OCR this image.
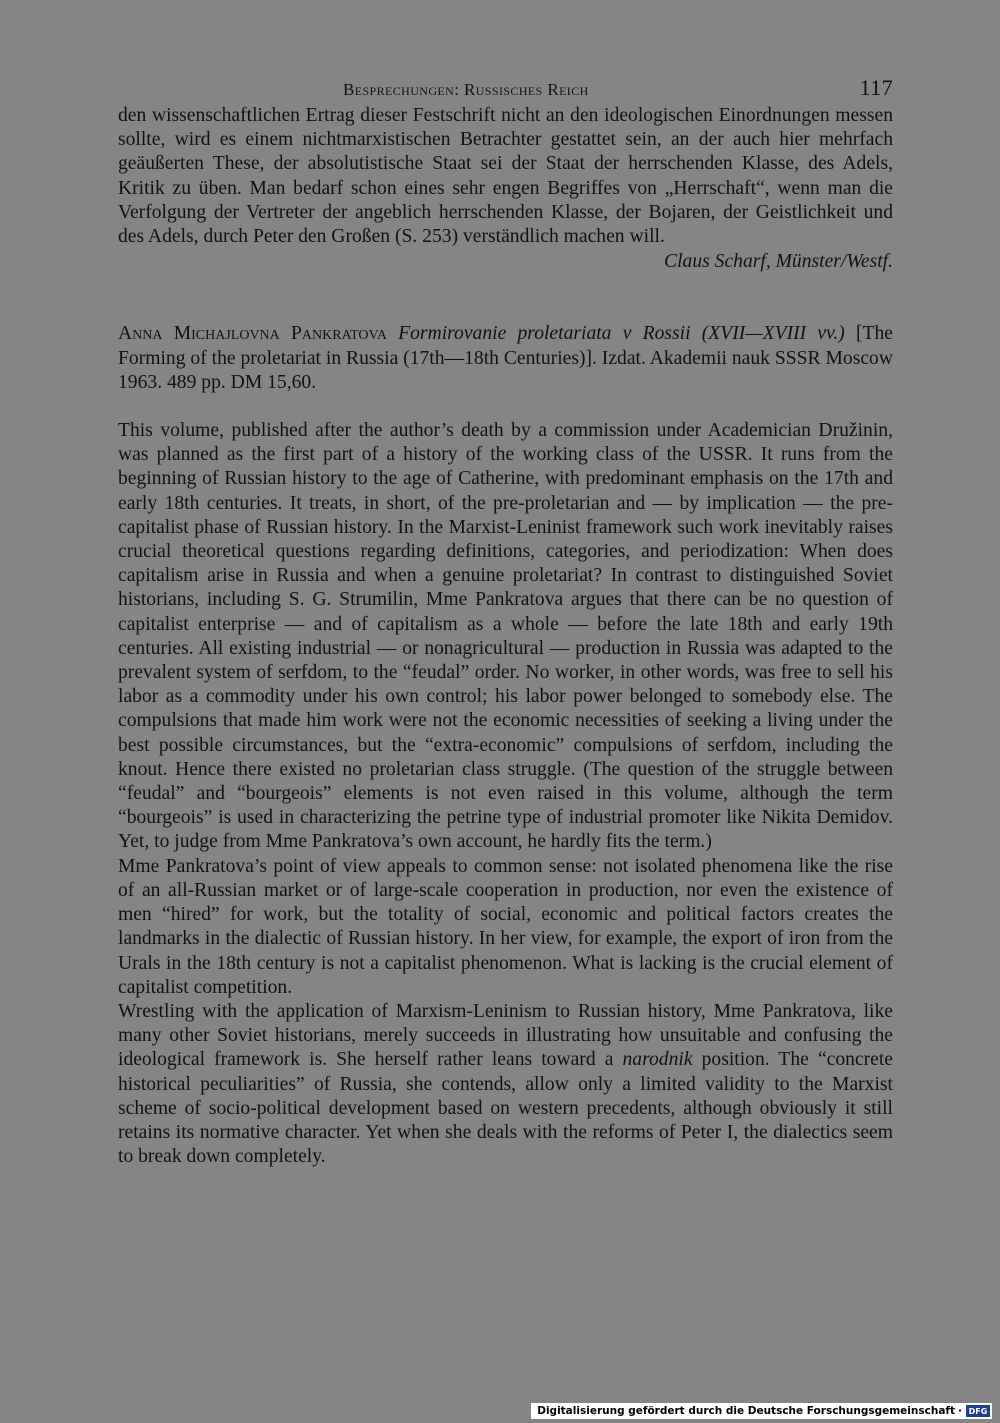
Besprechungen: Russisches Reich	117

den wissenschaftlichen Ertrag dieser Festschrift nicht an den ideologischen Einordnungen messen sollte, wird es einem nichtmarxistischen Betrachter gestattet sein, an der auch hier mehrfach geäußerten These, der absolutistische Staat sei der Staat der herrschenden Klasse, des Adels, Kritik zu üben. Man bedarf schon eines sehr engen Begriffes von „Herrschaft“, wenn man die Verfolgung der Vertreter der angeblich herrschenden Klasse, der Bojaren, der Geistlichkeit und des Adels, durch Peter den Großen (S. 253) verständlich machen will.

Claus Scharf, Münster/Westf.
Anna Michajlovna Pankratova Formirovanie proletariata v Rossii (XVII—XVIII vv.) [The Forming of the proletariat in Russia (17th—18th Centuries)]. Izdat. Akademii nauk SSSR Moscow 1963. 489 pp. DM 15,60.

This volume, published after the author’s death by a commission under Academician Družinin, was planned as the first part of a history of the working class of the USSR. It runs from the beginning of Russian history to the age of Catherine, with predominant emphasis on the 17th and early 18th centuries. It treats, in short, of the pre-proletarian and — by implication — the pre-capitalist phase of Russian history. In the Marxist-Leninist framework such work inevitably raises crucial theoretical questions regarding definitions, categories, and periodization: When does capitalism arise in Russia and when a genuine proletariat? In contrast to distinguished Soviet historians, including S. G. Strumilin, Mme Pankratova argues that there can be no question of capitalist enterprise — and of capitalism as a whole — before the late 18th and early 19th centuries. All existing industrial — or nonagricultural — production in Russia was adapted to the prevalent system of serfdom, to the “feudal” order. No worker, in other words, was free to sell his labor as a commodity under his own control; his labor power belonged to somebody else. The compulsions that made him work were not the economic necessities of seeking a living under the best possible circumstances, but the “extra-economic” compulsions of serfdom, including the knout. Hence there existed no proletarian class struggle. (The question of the struggle between “feudal” and “bourgeois” elements is not even raised in this volume, although the term “bourgeois” is used in characterizing the petrine type of industrial promoter like Nikita Demidov. Yet, to judge from Mme Pankratova’s own account, he hardly fits the term.)

Mme Pankratova’s point of view appeals to common sense: not isolated phenomena like the rise of an all-Russian market or of large-scale cooperation in production, nor even the existence of men “hired” for work, but the totality of social, economic and political factors creates the landmarks in the dialectic of Russian history. In her view, for example, the export of iron from the Urals in the 18th century is not a capitalist phenomenon. What is lacking is the crucial element of capitalist competition.

Wrestling with the application of Marxism-Leninism to Russian history, Mme Pankratova, like many other Soviet historians, merely succeeds in illustrating how unsuitable and confusing the ideological framework is. She herself rather leans toward a narodnik position. The “concrete historical peculiarities” of Russia, she contends, allow only a limited validity to the Marxist scheme of socio-political development based on western precedents, although obviously it still retains its normative character. Yet when she deals with the reforms of Peter I, the dialectics seem to break down completely.

Digitalisierung gefördert durch die Deutsche Forschungsgemeinschaft · DFG
